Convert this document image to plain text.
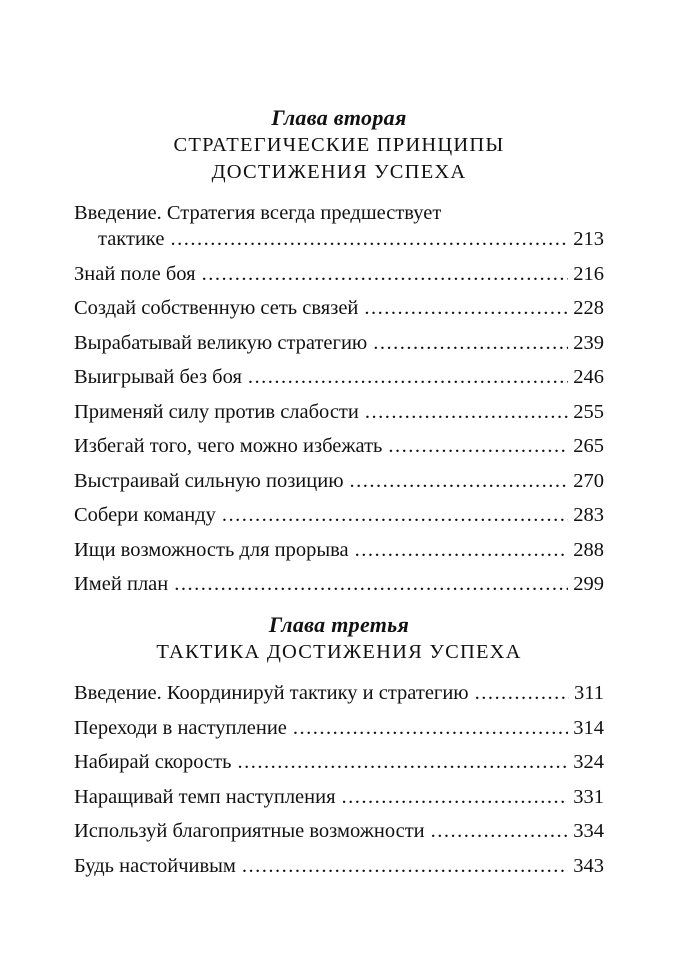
Глава вторая
СТРАТЕГИЧЕСКИЕ ПРИНЦИПЫ
ДОСТИЖЕНИЯ УСПЕХА
Введение. Стратегия всегда предшествует
тактике .....	213
Знай поле боя .....	216
Создай собственную сеть связей .....	228
Вырабатывай великую стратегию .....	239
Выигрывай без боя .....	246
Применяй силу против слабости .....	255
Избегай того, чего можно избежать .....	265
Выстраивай сильную позицию .....	270
Собери команду .....	283
Ищи возможность для прорыва .....	288
Имей план .....	299
Глава третья
ТАКТИКА ДОСТИЖЕНИЯ УСПЕХА
Введение. Координируй тактику и стратегию .....	311
Переходи в наступление .....	314
Набирай скорость .....	324
Наращивай темп наступления .....	331
Используй благоприятные возможности .....	334
Будь настойчивым .....	343
